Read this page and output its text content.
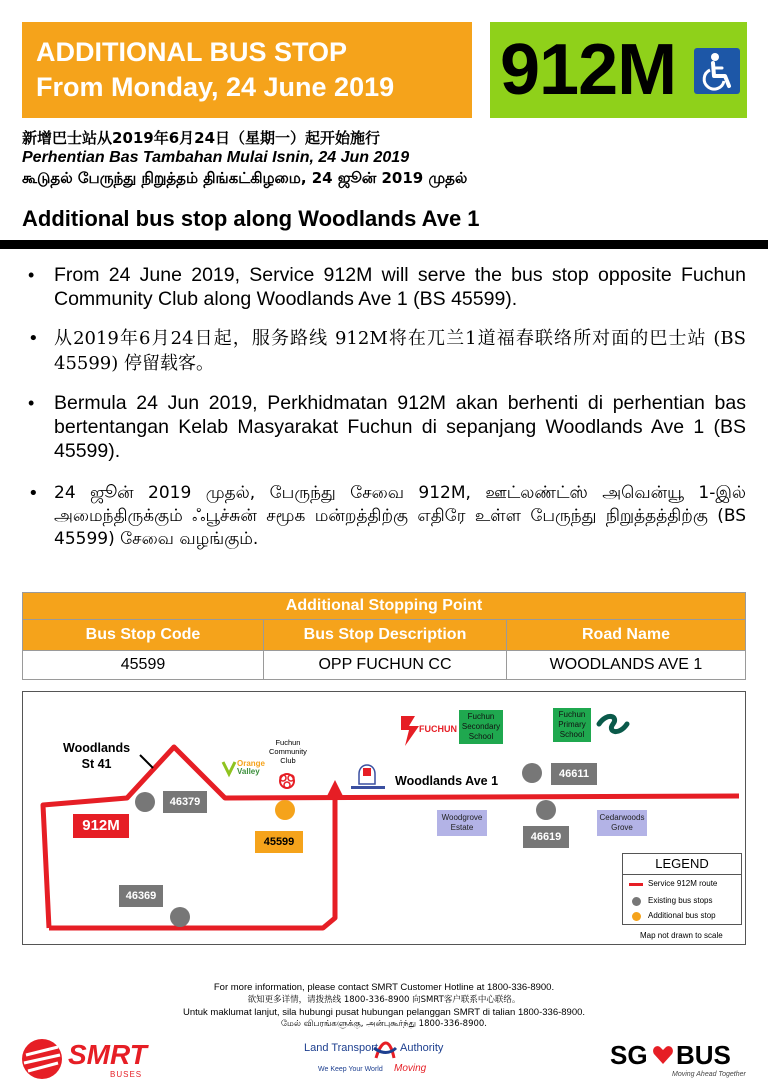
ADDITIONAL BUS STOP
From Monday, 24 June 2019 912M
新增巴士站从2019年6月24日（星期一）起开始施行
Perhentian Bas Tambahan Mulai Isnin, 24 Jun 2019
கூடுதல் பேருந்து நிறுத்தம் திங்கட்கிழமை, 24 ஜூன் 2019 முதல்
Additional bus stop along Woodlands Ave 1
•	From 24 June 2019, Service 912M will serve the bus stop opposite Fuchun Community Club along Woodlands Ave 1 (BS 45599).
• 从2019年6月24日起，服务路线 912M将在兀兰1道福春联络所对面的巴士站 (BS 45599) 停留载客。
•	Bermula 24 Jun 2019, Perkhidmatan 912M akan berhenti di perhentian bas bertentangan Kelab Masyarakat Fuchun di sepanjang Woodlands Ave 1 (BS 45599).
• 24 ஜூன் 2019 முதல், பேருந்து சேவை 912M, ஊட்லண்ட்ஸ் அவென்யூ 1-இல் அமைந்திருக்கும் ஃபூச்சுன் சமூக மன்றத்திற்கு எதிரே உள்ள பேருந்து நிறுத்தத்திற்கு (BS 45599) சேவை வழங்கும்.
Additional Stopping Point		
Bus Stop Code	Bus Stop Description	Road Name
45599	OPP FUCHUN CC	WOODLANDS AVE 1
Woodlands
St 41
Woodlands Ave 1
912M
Fuchun
Community
Club
Orange
Valley
FUCHUN
Fuchun
Secondary
School
Fuchun
Primary
School
Woodgrove
Estate
Cedarwoods
Grove
46379
45599
46369
46611
46619
LEGEND
Service 912M route
Existing bus stops
Additional bus stop
Map not drawn to scale
For more information, please contact SMRT Customer Hotline at 1800-336-8900.
欲知更多详情，请拨热线 1800-336-8900 向SMRT客户联系中心联络。
Untuk maklumat lanjut, sila hubungi pusat hubungan pelanggan SMRT di talian 1800-336-8900.
மேல் விபரங்களுக்கு, அன்புகூர்ந்து 1800-336-8900.
SMRT
BUSES
Land Transport Authority
We Keep Your World Moving	SG BUS
Moving Ahead Together
